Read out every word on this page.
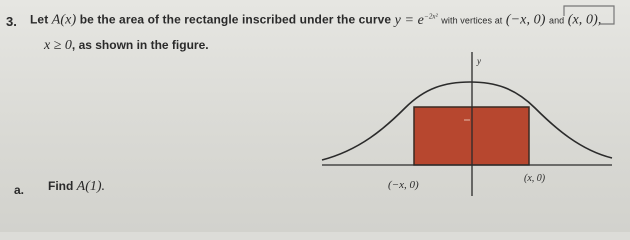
3. Let A(x) be the area of the rectangle inscribed under the curve $y = e^{-2x^2}$ with vertices at (−x, 0) and (x, 0),
x ≥ 0, as shown in the figure.
a. Find A(1).
y
(−x, 0)
(x, 0)
